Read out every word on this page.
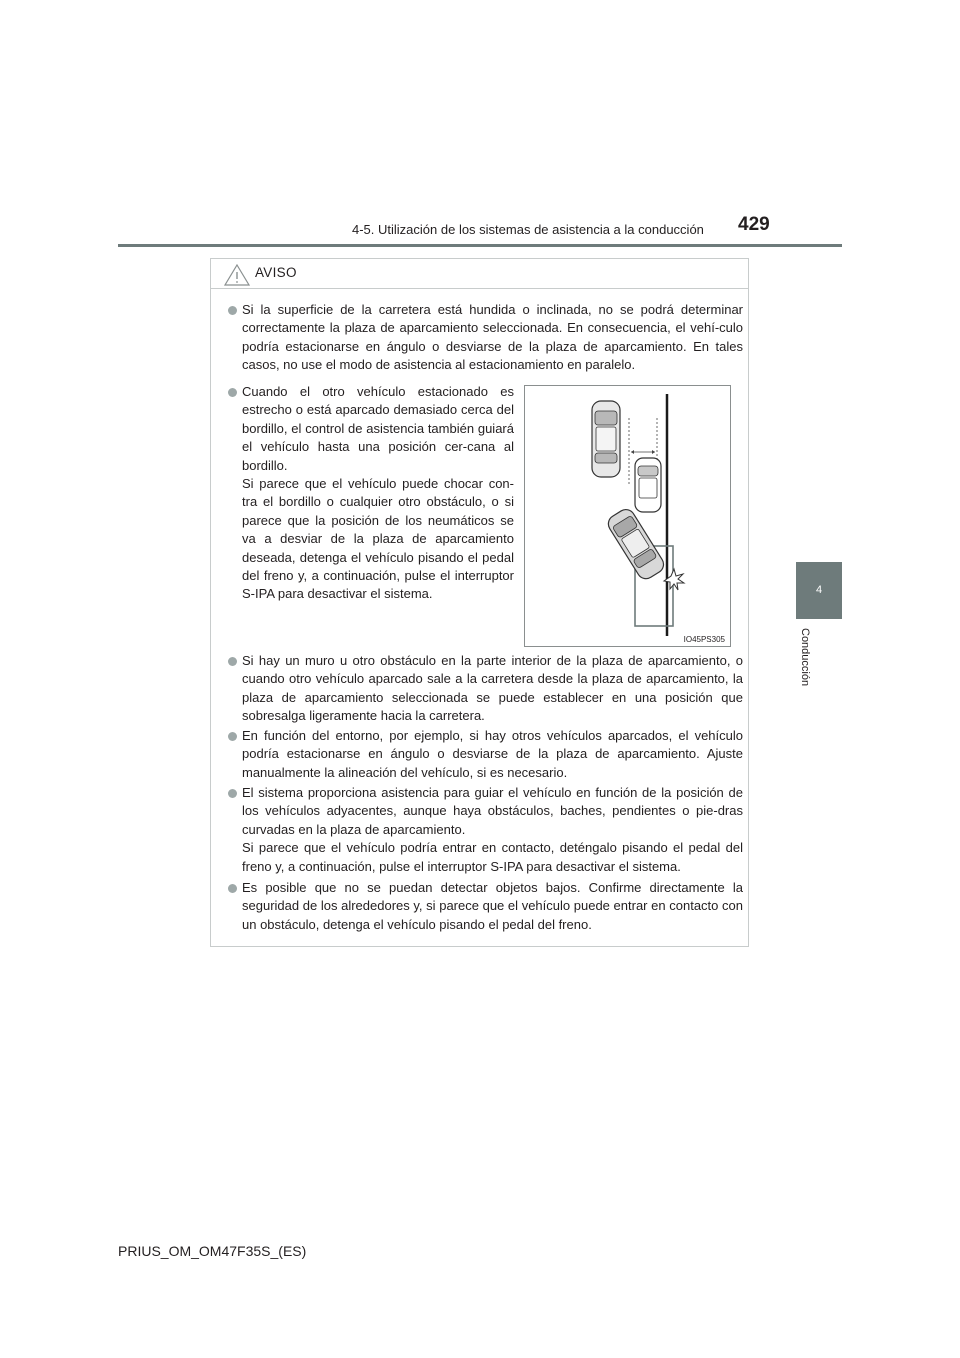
4-5. Utilización de los sistemas de asistencia a la conducción 429
4
Conducción
AVISO

Si la superficie de la carretera está hundida o inclinada, no se podrá determinar correctamente la plaza de aparcamiento seleccionada. En consecuencia, el vehí-culo podría estacionarse en ángulo o desviarse de la plaza de aparcamiento. En tales casos, no use el modo de asistencia al estacionamiento en paralelo.

Cuando el otro vehículo estacionado es estrecho o está aparcado demasiado cerca del bordillo, el control de asistencia también guiará el vehículo hasta una posición cer-cana al bordillo.

Si parece que el vehículo puede chocar con-tra el bordillo o cualquier otro obstáculo, o si parece que la posición de los neumáticos se va a desviar de la plaza de aparcamiento deseada, detenga el vehículo pisando el pedal del freno y, a continuación, pulse el interruptor S-IPA para desactivar el sistema.

IO45PS305

Si hay un muro u otro obstáculo en la parte interior de la plaza de aparcamiento, o cuando otro vehículo aparcado sale a la carretera desde la plaza de aparcamiento, la plaza de aparcamiento seleccionada se puede establecer en una posición que sobresalga ligeramente hacia la carretera.

En función del entorno, por ejemplo, si hay otros vehículos aparcados, el vehículo podría estacionarse en ángulo o desviarse de la plaza de aparcamiento. Ajuste manualmente la alineación del vehículo, si es necesario.

El sistema proporciona asistencia para guiar el vehículo en función de la posición de los vehículos adyacentes, aunque haya obstáculos, baches, pendientes o pie-dras curvadas en la plaza de aparcamiento.

Si parece que el vehículo podría entrar en contacto, deténgalo pisando el pedal del freno y, a continuación, pulse el interruptor S-IPA para desactivar el sistema.

Es posible que no se puedan detectar objetos bajos. Confirme directamente la seguridad de los alrededores y, si parece que el vehículo puede entrar en contacto con un obstáculo, detenga el vehículo pisando el pedal del freno.

PRIUS_OM_OM47F35S_(ES)
